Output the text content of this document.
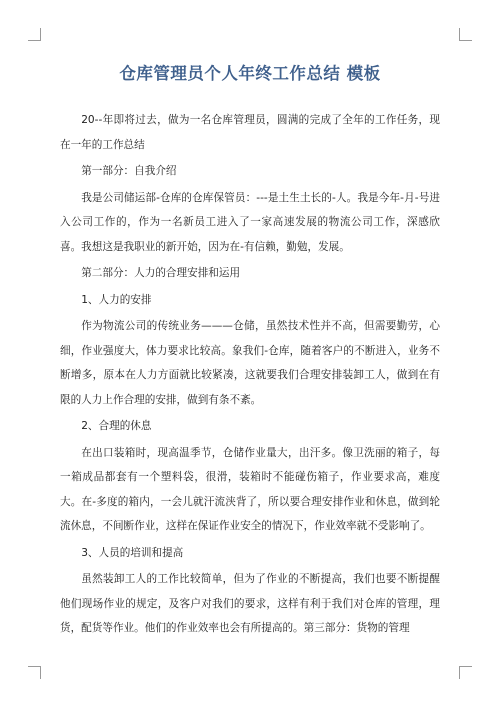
仓库管理员个人年终工作总结 模板

20--年即将过去，做为一名仓库管理员，圆满的完成了全年的工作任务，现在一年的工作总结

第一部分：自我介绍

我是公司储运部-仓库的仓库保管员：---是土生土长的-人。我是今年-月-号进入公司工作的，作为一名新员工进入了一家高速发展的物流公司工作，深感欣喜。我想这是我职业的新开始，因为在-有信赖，勤勉，发展。

第二部分：人力的合理安排和运用

1、人力的安排

作为物流公司的传统业务———仓储，虽然技术性并不高，但需要勤劳，心细，作业强度大，体力要求比较高。象我们-仓库，随着客户的不断进入，业务不断增多，原本在人力方面就比较紧凑，这就要我们合理安排装卸工人，做到在有限的人力上作合理的安排，做到有条不紊。

2、合理的休息

在出口装箱时，现高温季节，仓储作业量大，出汗多。像卫洗丽的箱子，每一箱成品都套有一个塑料袋，很滑，装箱时不能碰伤箱子，作业要求高，难度大。在-多度的箱内，一会儿就汗流浃背了，所以要合理安排作业和休息，做到轮流休息，不间断作业，这样在保证作业安全的情况下，作业效率就不受影响了。

3、人员的培训和提高

虽然装卸工人的工作比较简单，但为了作业的不断提高，我们也要不断提醒他们现场作业的规定，及客户对我们的要求，这样有利于我们对仓库的管理，理货，配货等作业。他们的作业效率也会有所提高的。第三部分：货物的管理
